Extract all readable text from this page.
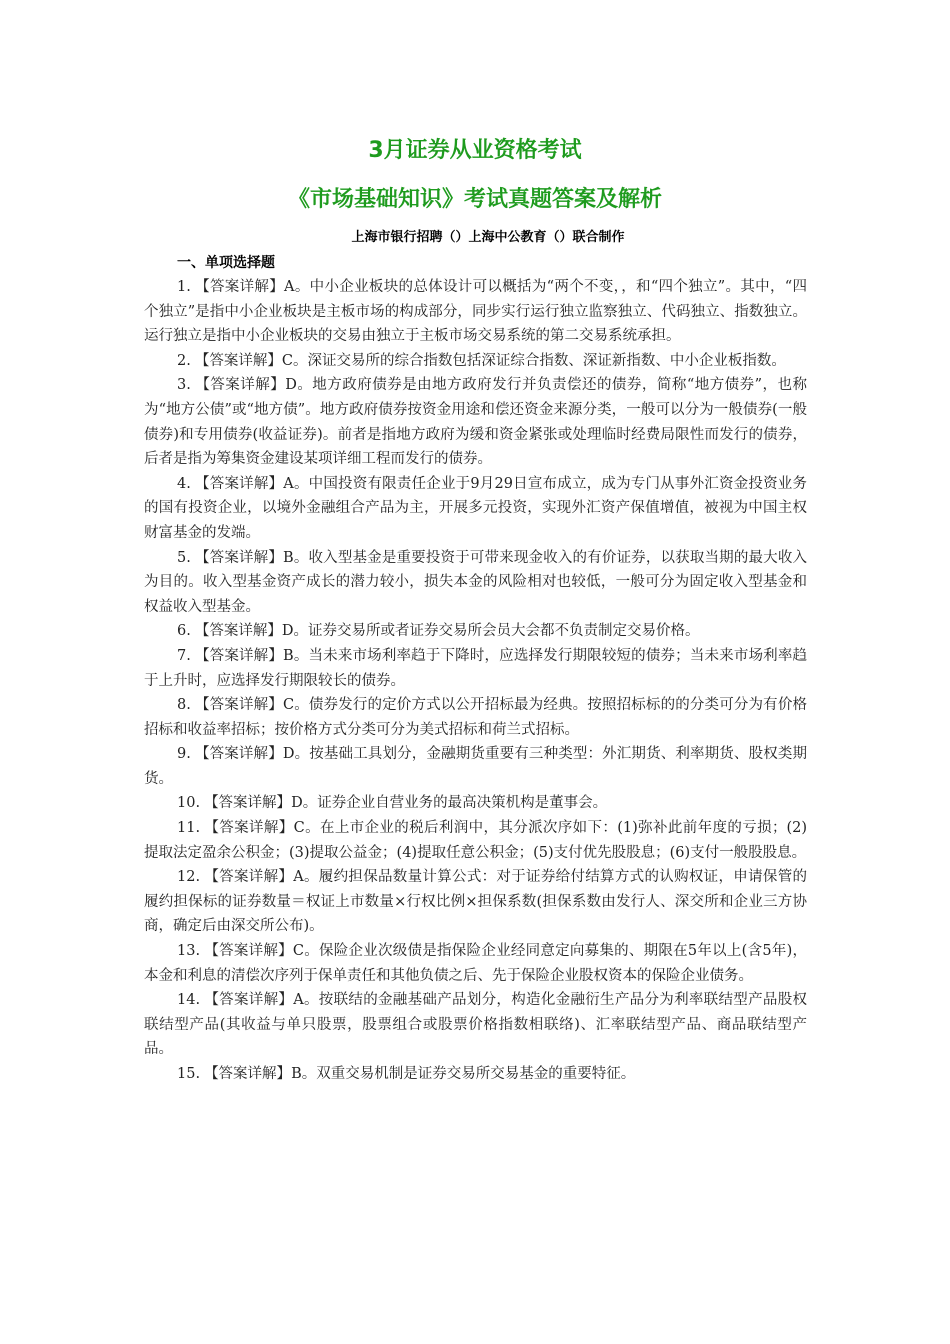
3月证券从业资格考试
《市场基础知识》考试真题答案及解析
上海市银行招聘（）上海中公教育（）联合制作
一、单项选择题

1. 【答案详解】A。中小企业板块的总体设计可以概括为“两个不变，，和“四个独立”。其中，“四个独立”是指中小企业板块是主板市场的构成部分，同步实行运行独立监察独立、代码独立、指数独立。运行独立是指中小企业板块的交易由独立于主板市场交易系统的第二交易系统承担。

2. 【答案详解】C。深证交易所的综合指数包括深证综合指数、深证新指数、中小企业板指数。

3. 【答案详解】D。地方政府债券是由地方政府发行并负责偿还的债券，简称“地方债券”，也称为“地方公债”或“地方债”。地方政府债券按资金用途和偿还资金来源分类，一般可以分为一般债券(一般债券)和专用债券(收益证券)。前者是指地方政府为缓和资金紧张或处理临时经费局限性而发行的债券，后者是指为筹集资金建设某项详细工程而发行的债券。

4. 【答案详解】A。中国投资有限责任企业于9月29日宣布成立，成为专门从事外汇资金投资业务的国有投资企业，以境外金融组合产品为主，开展多元投资，实现外汇资产保值增值，被视为中国主权财富基金的发端。

5. 【答案详解】B。收入型基金是重要投资于可带来现金收入的有价证券，以获取当期的最大收入为目的。收入型基金资产成长的潜力较小，损失本金的风险相对也较低，一般可分为固定收入型基金和权益收入型基金。

6. 【答案详解】D。证券交易所或者证券交易所会员大会都不负责制定交易价格。

7. 【答案详解】B。当未来市场利率趋于下降时，应选择发行期限较短的债券；当未来市场利率趋于上升时，应选择发行期限较长的债券。

8. 【答案详解】C。债券发行的定价方式以公开招标最为经典。按照招标标的的分类可分为有价格招标和收益率招标；按价格方式分类可分为美式招标和荷兰式招标。

9. 【答案详解】D。按基础工具划分，金融期货重要有三种类型：外汇期货、利率期货、股权类期货。

10. 【答案详解】D。证券企业自营业务的最高决策机构是董事会。

11. 【答案详解】C。在上市企业的税后利润中，其分派次序如下：(1)弥补此前年度的亏损；(2)提取法定盈余公积金；(3)提取公益金；(4)提取任意公积金；(5)支付优先股股息；(6)支付一般股股息。

12. 【答案详解】A。履约担保品数量计算公式：对于证券给付结算方式的认购权证，申请保管的履约担保标的证券数量＝权证上市数量×行权比例×担保系数(担保系数由发行人、深交所和企业三方协商，确定后由深交所公布)。

13. 【答案详解】C。保险企业次级债是指保险企业经同意定向募集的、期限在5年以上(含5年)，本金和利息的清偿次序列于保单责任和其他负债之后、先于保险企业股权资本的保险企业债务。

14. 【答案详解】A。按联结的金融基础产品划分，构造化金融衍生产品分为利率联结型产品股权联结型产品(其收益与单只股票，股票组合或股票价格指数相联络)、汇率联结型产品、商品联结型产品。

15. 【答案详解】B。双重交易机制是证券交易所交易基金的重要特征。
